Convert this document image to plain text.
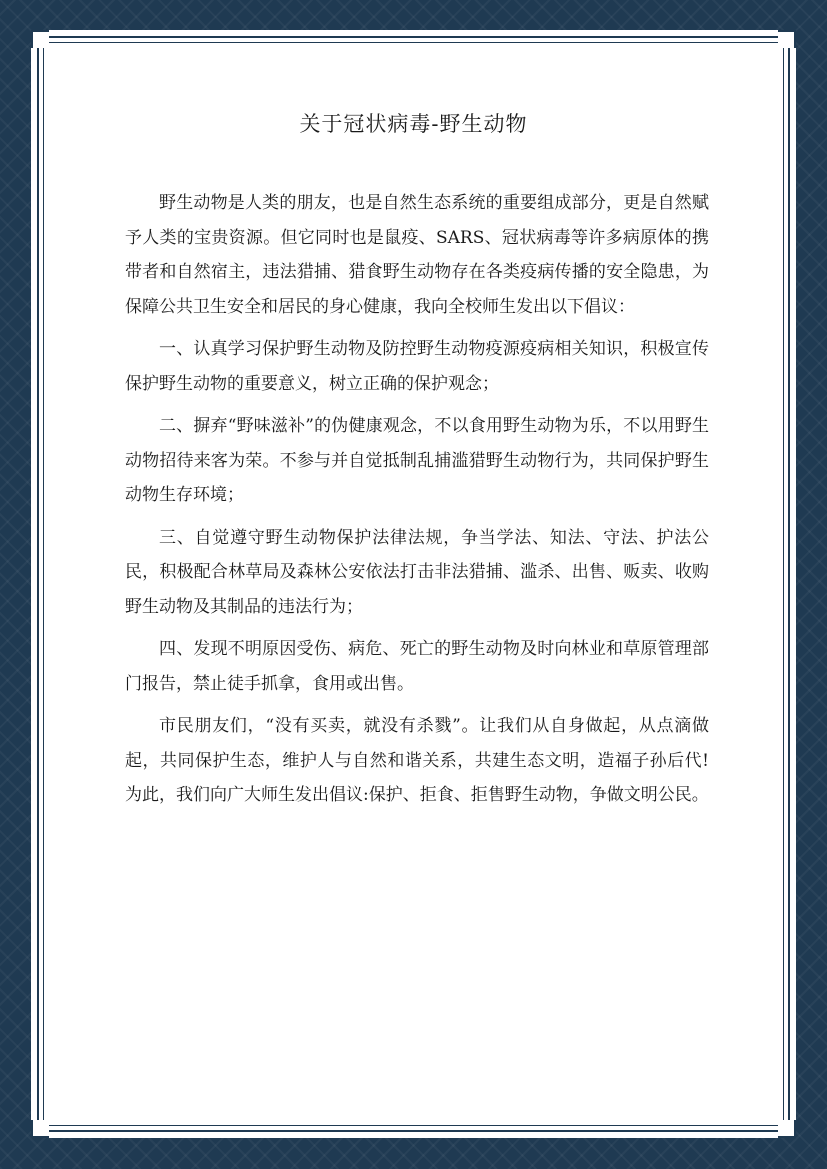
关于冠状病毒-野生动物

野生动物是人类的朋友，也是自然生态系统的重要组成部分，更是自然赋予人类的宝贵资源。但它同时也是鼠疫、SARS、冠状病毒等许多病原体的携带者和自然宿主，违法猎捕、猎食野生动物存在各类疫病传播的安全隐患，为保障公共卫生安全和居民的身心健康，我向全校师生发出以下倡议：

一、认真学习保护野生动物及防控野生动物疫源疫病相关知识，积极宣传保护野生动物的重要意义，树立正确的保护观念；

二、摒弃“野味滋补”的伪健康观念，不以食用野生动物为乐，不以用野生动物招待来客为荣。不参与并自觉抵制乱捕滥猎野生动物行为，共同保护野生动物生存环境；

三、自觉遵守野生动物保护法律法规，争当学法、知法、守法、护法公民，积极配合林草局及森林公安依法打击非法猎捕、滥杀、出售、贩卖、收购野生动物及其制品的违法行为；

四、发现不明原因受伤、病危、死亡的野生动物及时向林业和草原管理部门报告，禁止徒手抓拿，食用或出售。

市民朋友们，“没有买卖，就没有杀戮”。让我们从自身做起，从点滴做起，共同保护生态，维护人与自然和谐关系，共建生态文明，造福子孙后代!为此，我们向广大师生发出倡议:保护、拒食、拒售野生动物，争做文明公民。
